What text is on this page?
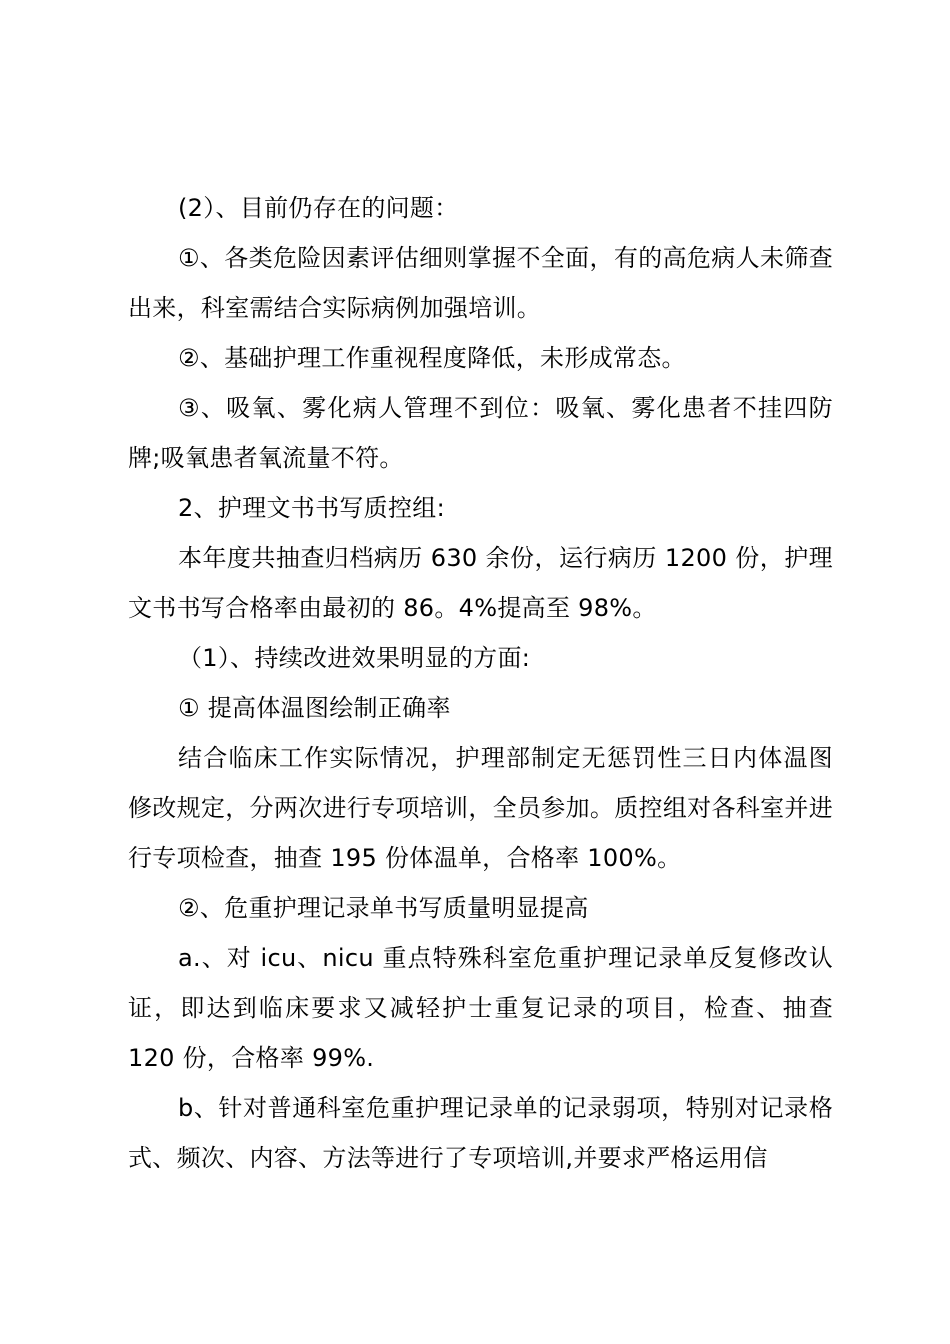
(2）、目前仍存在的问题：

①、各类危险因素评估细则掌握不全面，有的高危病人未筛查出来，科室需结合实际病例加强培训。

②、基础护理工作重视程度降低，未形成常态。

③、吸氧、雾化病人管理不到位：吸氧、雾化患者不挂四防牌;吸氧患者氧流量不符。

2、护理文书书写质控组:

本年度共抽查归档病历 630 余份，运行病历 1200 份，护理文书书写合格率由最初的 86。4%提高至 98%。

（1）、持续改进效果明显的方面:

① 提高体温图绘制正确率

结合临床工作实际情况，护理部制定无惩罚性三日内体温图修改规定，分两次进行专项培训，全员参加。质控组对各科室并进行专项检查，抽查 195 份体温单，合格率 100%。

②、危重护理记录单书写质量明显提高

a.、对 icu、nicu 重点特殊科室危重护理记录单反复修改认证，即达到临床要求又减轻护士重复记录的项目，检查、抽查 120 份，合格率 99%.

b、针对普通科室危重护理记录单的记录弱项，特别对记录格式、频次、内容、方法等进行了专项培训,并要求严格运用信
